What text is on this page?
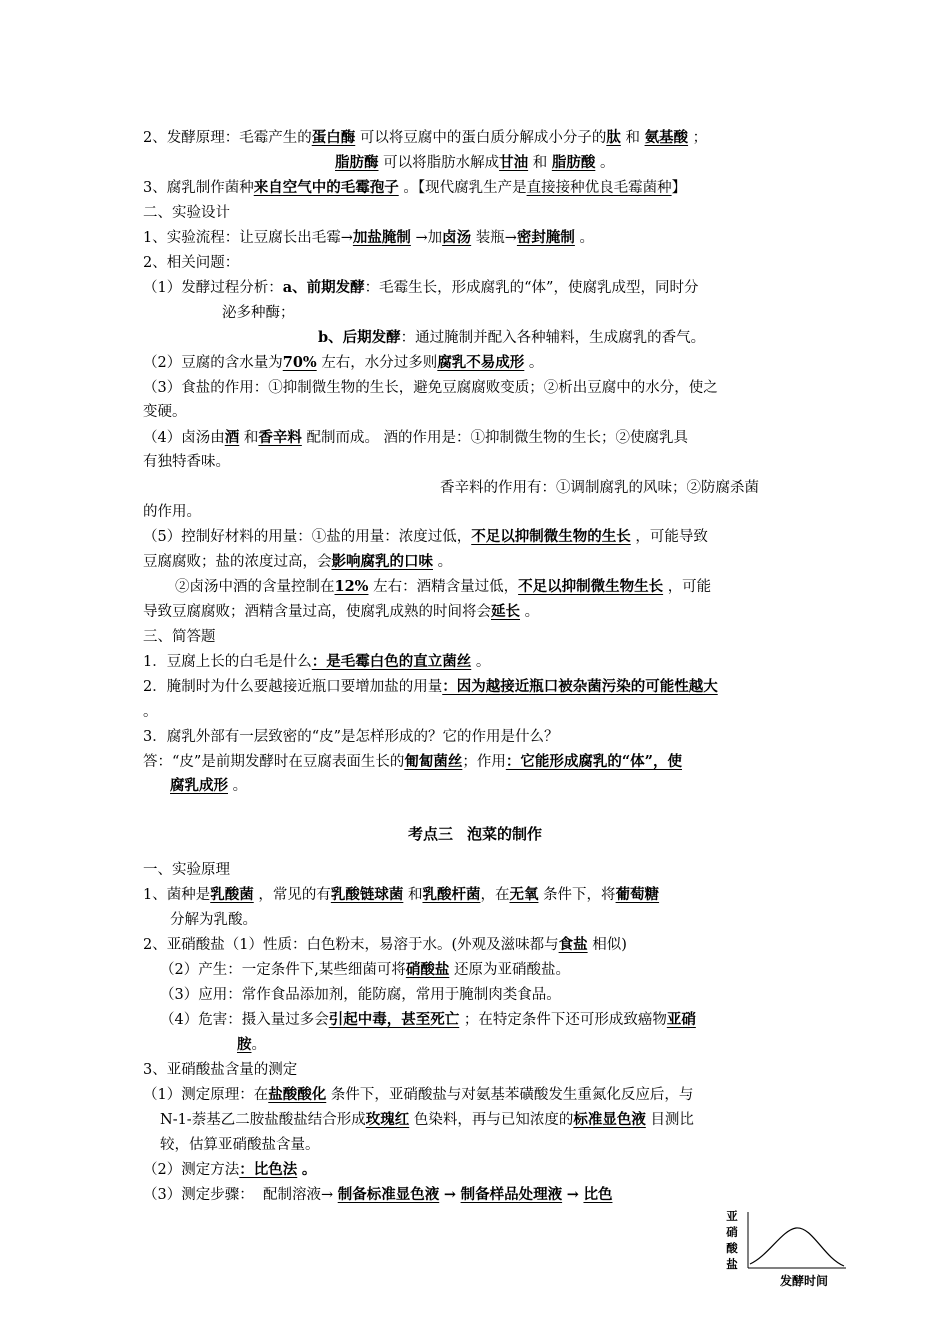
2、发酵原理：毛霉产生的蛋白酶 可以将豆腐中的蛋白质分解成小分子的肽 和 氨基酸 ；
脂肪酶 可以将脂肪水解成甘油 和 脂肪酸 。
3、腐乳制作菌种来自空气中的毛霉孢子 。【现代腐乳生产是直接接种优良毛霉菌种】
二、实验设计
1、实验流程：让豆腐长出毛霉→加盐腌制 →加卤汤 装瓶→密封腌制 。
2、相关问题：
（1）发酵过程分析：a、前期发酵：毛霉生长，形成腐乳的“体”，使腐乳成型，同时分
泌多种酶；
b、后期发酵：通过腌制并配入各种辅料，生成腐乳的香气。
（2）豆腐的含水量为70% 左右，水分过多则腐乳不易成形 。
（3）食盐的作用：①抑制微生物的生长，避免豆腐腐败变质；②析出豆腐中的水分，使之
变硬。
（4）卤汤由酒 和香辛料 配制而成。 酒的作用是：①抑制微生物的生长；②使腐乳具
有独特香味。
香辛料的作用有：①调制腐乳的风味；②防腐杀菌
的作用。
（5）控制好材料的用量：①盐的用量：浓度过低，不足以抑制微生物的生长 ，可能导致
豆腐腐败；盐的浓度过高，会影响腐乳的口味 。
②卤汤中酒的含量控制在12% 左右：酒精含量过低，不足以抑制微生物生长 ，可能
导致豆腐腐败；酒精含量过高，使腐乳成熟的时间将会延长 。
三、简答题
1．豆腐上长的白毛是什么：是毛霉白色的直立菌丝 。
2．腌制时为什么要越接近瓶口要增加盐的用量：因为越接近瓶口被杂菌污染的可能性越大
。
3．腐乳外部有一层致密的“皮”是怎样形成的？它的作用是什么？
答：“皮”是前期发酵时在豆腐表面生长的匍匐菌丝；作用：它能形成腐乳的“体”，使
腐乳成形 。
考点三 泡菜的制作
一、实验原理
1、菌种是乳酸菌 ，常见的有乳酸链球菌 和乳酸杆菌，在无氧 条件下，将葡萄糖
分解为乳酸。
2、亚硝酸盐（1）性质：白色粉末，易溶于水。(外观及滋味都与食盐 相似)
（2）产生：一定条件下,某些细菌可将硝酸盐 还原为亚硝酸盐。
（3）应用：常作食品添加剂，能防腐，常用于腌制肉类食品。
（4）危害：摄入量过多会引起中毒，甚至死亡 ；在特定条件下还可形成致癌物亚硝
胺。
3、亚硝酸盐含量的测定
（1）测定原理：在盐酸酸化 条件下，亚硝酸盐与对氨基苯磺酸发生重氮化反应后，与
N-1-萘基乙二胺盐酸盐结合形成玫瑰红 色染料，再与已知浓度的标准显色液 目测比
较，估算亚硝酸盐含量。
（2）测定方法：比色法 。
（3）测定步骤： 配制溶液→ 制备标准显色液 → 制备样品处理液 → 比色
亚硝酸盐
发酵时间
